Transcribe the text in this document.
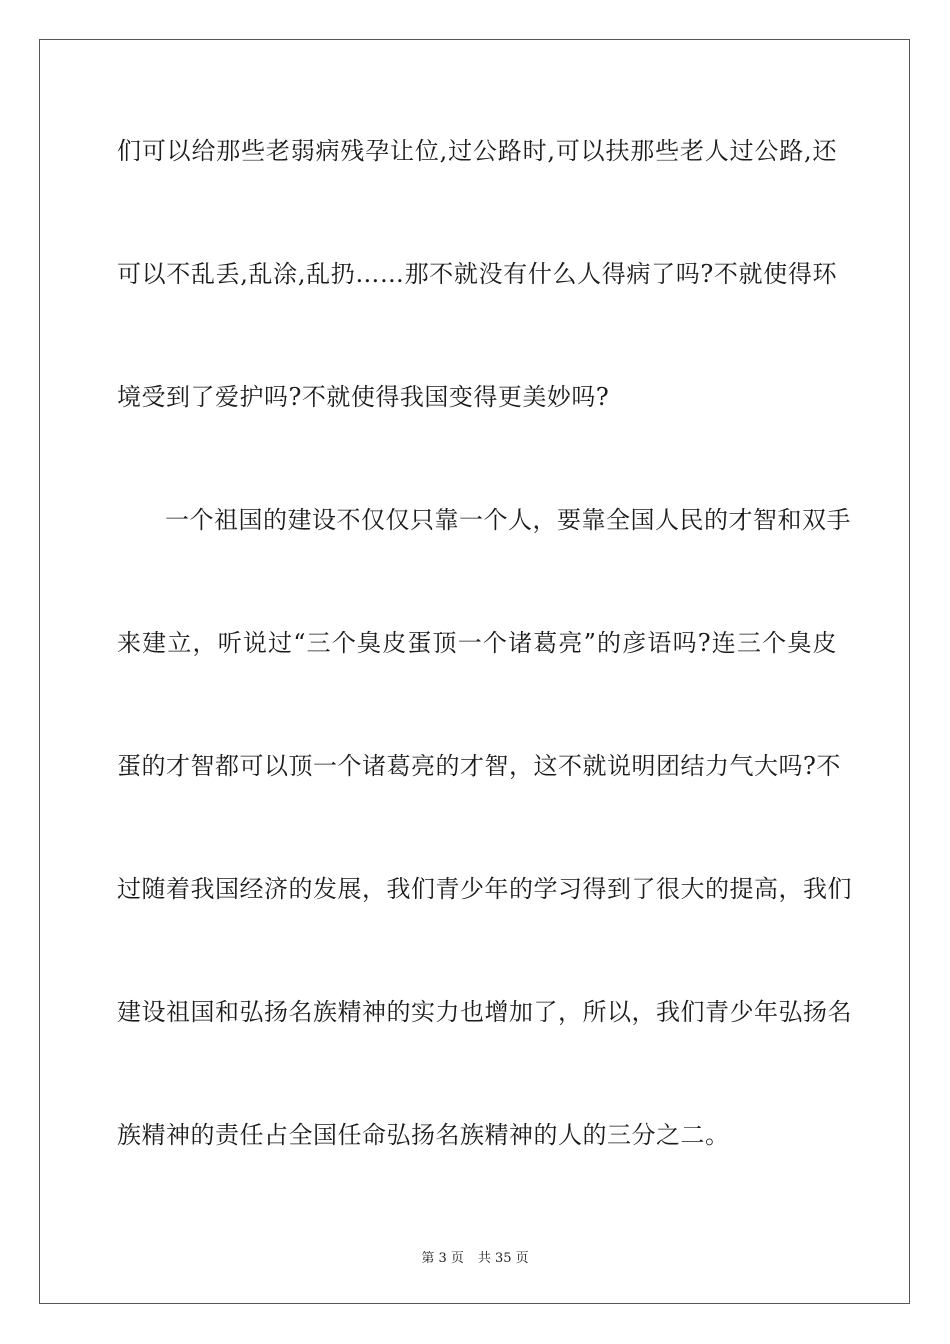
们可以给那些老弱病残孕让位,过公路时,可以扶那些老人过公路,还
可以不乱丢,乱涂,乱扔……那不就没有什么人得病了吗?不就使得环
境受到了爱护吗?不就使得我国变得更美妙吗?
一个祖国的建设不仅仅只靠一个人，要靠全国人民的才智和双手
来建立，听说过“三个臭皮蛋顶一个诸葛亮”的彦语吗?连三个臭皮
蛋的才智都可以顶一个诸葛亮的才智，这不就说明团结力气大吗?不
过随着我国经济的发展，我们青少年的学习得到了很大的提高，我们
建设祖国和弘扬名族精神的实力也增加了，所以，我们青少年弘扬名
族精神的责任占全国任命弘扬名族精神的人的三分之二。
第 3 页 共 35 页
